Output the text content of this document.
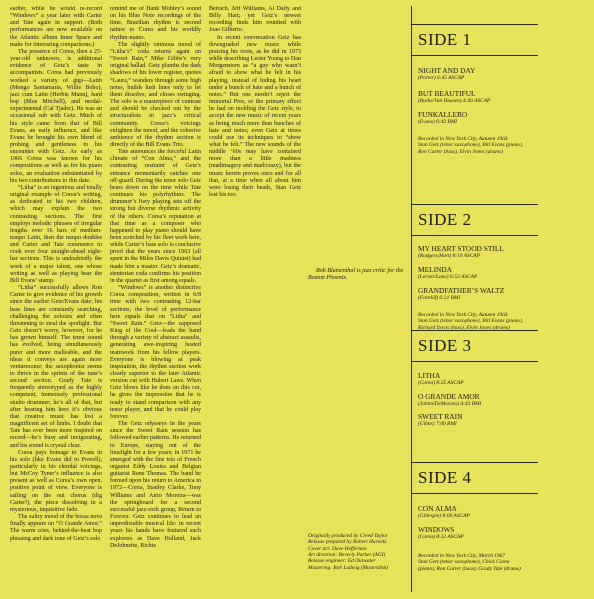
earlier, while he would re-record “Windows” a year later with Carter and Tate again in support. (Both performances are now available on the Atlantic album Inner Space and make for interesting comparisons.)

The presence of Corea, then a 25-year-old unknown, is additional evidence of Getz’s taste in accompanists. Corea had previously worked a variety of gigs—Latin (Mongo Santamaria, Willie Bobo), jazz cum Latin (Herbie Mann), hard bop (Blue Mitchell), and modal-experimental (Cal Tjader). He was an occasional sub with Getz. Much of his style came from that of Bill Evans, an early influence, and like Evans he brought his own blend of probing and gentleness to his encounter with Getz. As early as 1966 Corea was known for his compositions as well as for his piano solos, an evaluation substantiated by his two contributions to this date.

“Litha” is an ingenious and totally original example of Corea’s writing, as dedicated to his two children, which may explain the two contrasting sections. The first employs melodic phrases of irregular lengths over 16 bars of medium-tempo Latin, then the tempo doubles and Carter and Tate commence to cook over four straight-ahead eight-bar sections. This is undoubtedly the work of a major talent, one whose writing as well as playing bear the Bill Evans’ stamp.

“Litha” successfully allows Ron Carter to give evidence of his growth since the earlier Getz/Evans date; his bass lines are constantly searching, challenging the soloists and often threatening to steal the spotlight. But Getz doesn’t worry, however, for he has grown himself. The tenor sound has evolved, being simultaneously purer and more malleable, and the ideas it conveys are again more venturesome; the saxophonist seems to thrive in the sprints of the tune’s second section. Grady Tate is frequently stereotyped as the highly competent, immensely professional studio drummer; he’s all of that, but after hearing him here it’s obvious that creative music has lost a magnificent set of limbs. I doubt that Tate has ever been more inspired on record—he’s busy and invigorating, and his sound is crystal clear.

Corea pays homage to Evans in his solo (like Evans did to Powell), particularly in his chordal voicings, but McCoy Tyner’s influence is also present as well as Corea’s own open, positive point of view. Everyone is sailing on the out chorus (dig Carter!), the piece dissolving in a mysterious, inquisitive fade.

The sultry mood of the bossa nova finally appears on “O Grande Amor.” The warm cries, behind-the-beat bop phrasing and dark tone of Getz’s solo

remind me of Hank Mobley’s sound on his Blue Note recordings of the time. Brazilian rhythm is second nature to Corea and his worldly rhythm-mates.

The slightly ominous mood of “Litha’s” coda returns again on “Sweet Rain,” Mike Gibbs’s very original ballad. Getz plumbs the dark shadows of his lower register, quotes “Laura,” wanders through some high notes, builds lush lines only to let them dissolve, and closes swinging. The solo is a masterpiece of contrast and should be checked out by the structuralists in jazz’s critical community. Corea’s voicings enlighten the mood, and the cohesive ambience of the rhythm section is directly of the Bill Evans Trio.

Tate announces the forceful Latin climate of “Con Alma,” and the contrasting restraint of Getz’s entrance momentarily catches one off-guard. During the tenor solo Getz bears down on the time while Tate continues his polyrhythms. The drummer’s fiery playing sets off the strong but diverse rhythmic activity of the others. Corea’s reputation at that time as a composer who happened to play piano should have been scotched by his fleet work here, while Carter’s bass solo is conclusive proof that the years since 1963 (all spent in the Miles Davis Quintet) had made him a master. Getz’s dramatic, stentorian coda confirms his position in the quartet as first among equals.

“Windows” is another distinctive Corea composition, written in 6/8 time with two contrasting 12-bar sections; the level of performance here equals that on “Litha” and “Sweet Rain.” Getz—the supposed King of the Cool—leads the band through a variety of abstract assaults, generating awe-inspiring heated teamwork from his fellow players. Everyone is blowing at peak inspiration, the rhythm section work clearly superior to the later Atlantic version cut with Hubert Laws. When Getz blows like he does on this cut, he gives the impression that he is ready to stand comparison with any tenor player, and that he could play forever.

The Getz odysseys in the years since the Sweet Rain session has followed earlier patterns. He returned to Europe, staying out of the limelight for a few years; in 1971 he emerged with the fine trio of French organist Eddy Louiss and Belgian guitarist Rene Thomas. The band he formed upon his return to America in 1972—Corea, Stanley Clarke, Tony Williams and Airto Moreira—was the springboard for a second successful jazz-rock group, Return to Forever. Getz continues to lead an unpredictable musical life: in recent years his bands have featured such explorers as Dave Holland, Jack DeJohnette, Richie

Beirach, Jeff Williams, Al Daily and Billy Hart; yet Getz’s newest recording finds him reunited with Joao Gilberto.

In recent conversation Getz has downgraded new music while praising his roots, as he did in 1973 while describing Lester Young to Dan Morgenstern as “a guy who wasn’t afraid to show what he felt in his playing, instead of hiding his heart under a bunch of hate and a bunch of notes.” But one needn’t reject the immortal Pres, or the primary effect he had on molding the Getz style, to accept the new music of recent years as being much more than bunches of hate and notes; even Getz at times could use its techniques to “show what he felt.” The new sounds of the middle ’60s may have contained more than a little madness (madimagery and mad/crazy), but the music herein proves once and for all that, at a time when all about him were losing their heads, Stan Getz lost his too.

Bob Blumenthal is jazz critic for the Boston Phoenix.

Originally produced by Creed Taylor
Reissue prepared by Robert Hurwitz
Cover art: Dave Heffernan
Art direction: Beverly Parker (AGI)
Reissue engineer: Ed Outwater
Mastering: Bob Ludwig (Masterdisk)
SIDE 1
NIGHT AND DAY
(Porter) 6:45 ASCAP
BUT BEAUTIFUL
(Burke/Van Heusen) 4:40 ASCAP
FUNKALLERO
(Evans) 6:42 BMI
Recorded in New York City, Autumn 1964
Stan Getz (tenor saxophone), Bill Evans (piano),
Ron Carter (bass), Elvin Jones (drums)
SIDE 2
MY HEART STOOD STILL
(Rodgers/Hart) 8:10 ASCAP
MELINDA
(Lerner/Lane) 6:53 ASCAP
GRANDFATHER’S WALTZ
(Farnlöf) 6:21 BMI
Recorded in New York City, Autumn 1964
Stan Getz (tenor saxophone), Bill Evans (piano),
Richard Davis (bass), Elvin Jones (drums)
SIDE 3
LITHA
(Corea) 8:25 ASCAP
O GRANDE AMOR
(Jobim/DeMoraes) 4:43 BMI
SWEET RAIN
(Gibbs) 7:00 BMI
SIDE 4
CON ALMA
(Gillespie) 8:00 ASCAP
WINDOWS
(Corea) 8:32 ASCAP
Recorded in New York City, March 1967
Stan Getz (tenor saxophone), Chick Corea
(piano), Ron Carter (bass), Grady Tate (drums)
